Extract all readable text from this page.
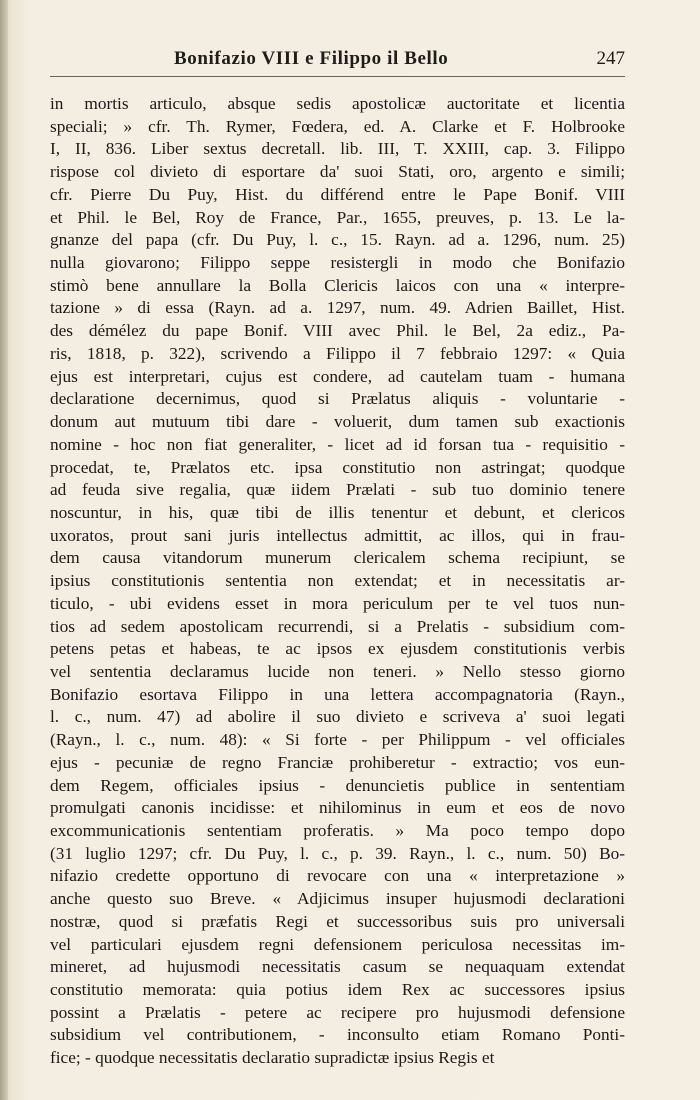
Bonifazio VIII e Filippo il Bello	247
in mortis articulo, absque sedis apostolicæ auctoritate et licentia
speciali; » cfr. Th. Rymer, Fœdera, ed. A. Clarke et F. Holbrooke
I, II, 836. Liber sextus decretall. lib. III, T. XXIII, cap. 3. Filippo
rispose col divieto di esportare da' suoi Stati, oro, argento e simili;
cfr. Pierre Du Puy, Hist. du différend entre le Pape Bonif. VIII
et Phil. le Bel, Roy de France, Par., 1655, preuves, p. 13. Le la-
gnanze del papa (cfr. Du Puy, l. c., 15. Rayn. ad a. 1296, num. 25)
nulla giovarono; Filippo seppe resistergli in modo che Bonifazio
stimò bene annullare la Bolla Clericis laicos con una « interpre-
tazione » di essa (Rayn. ad a. 1297, num. 49. Adrien Baillet, Hist.
des démélez du pape Bonif. VIII avec Phil. le Bel, 2a ediz., Pa-
ris, 1818, p. 322), scrivendo a Filippo il 7 febbraio 1297: « Quia
ejus est interpretari, cujus est condere, ad cautelam tuam - humana
declaratione decernimus, quod si Prælatus aliquis - voluntarie -
donum aut mutuum tibi dare - voluerit, dum tamen sub exactionis
nomine - hoc non fiat generaliter, - licet ad id forsan tua - requisitio -
procedat, te, Prælatos etc. ipsa constitutio non astringat; quodque
ad feuda sive regalia, quæ iidem Prælati - sub tuo dominio tenere
noscuntur, in his, quæ tibi de illis tenentur et debunt, et clericos
uxoratos, prout sani juris intellectus admittit, ac illos, qui in frau-
dem causa vitandorum munerum clericalem schema recipiunt, se
ipsius constitutionis sententia non extendat; et in necessitatis ar-
ticulo, - ubi evidens esset in mora periculum per te vel tuos nun-
tios ad sedem apostolicam recurrendi, si a Prelatis - subsidium com-
petens petas et habeas, te ac ipsos ex ejusdem constitutionis verbis
vel sententia declaramus lucide non teneri. » Nello stesso giorno
Bonifazio esortava Filippo in una lettera accompagnatoria (Rayn.,
l. c., num. 47) ad abolire il suo divieto e scriveva a' suoi legati
(Rayn., l. c., num. 48): « Si forte - per Philippum - vel officiales
ejus - pecuniæ de regno Franciæ prohiberetur - extractio; vos eun-
dem Regem, officiales ipsius - denuncietis publice in sententiam
promulgati canonis incidisse: et nihilominus in eum et eos de novo
excommunicationis sententiam proferatis. » Ma poco tempo dopo
(31 luglio 1297; cfr. Du Puy, l. c., p. 39. Rayn., l. c., num. 50) Bo-
nifazio credette opportuno di revocare con una « interpretazione »
anche questo suo Breve. « Adjicimus insuper hujusmodi declarationi
nostræ, quod si præfatis Regi et successoribus suis pro universali
vel particulari ejusdem regni defensionem periculosa necessitas im-
mineret, ad hujusmodi necessitatis casum se nequaquam extendat
constitutio memorata: quia potius idem Rex ac successores ipsius
possint a Prælatis - petere ac recipere pro hujusmodi defensione
subsidium vel contributionem, - inconsulto etiam Romano Ponti-
fice; - quodque necessitatis declaratio supradictæ ipsius Regis et
